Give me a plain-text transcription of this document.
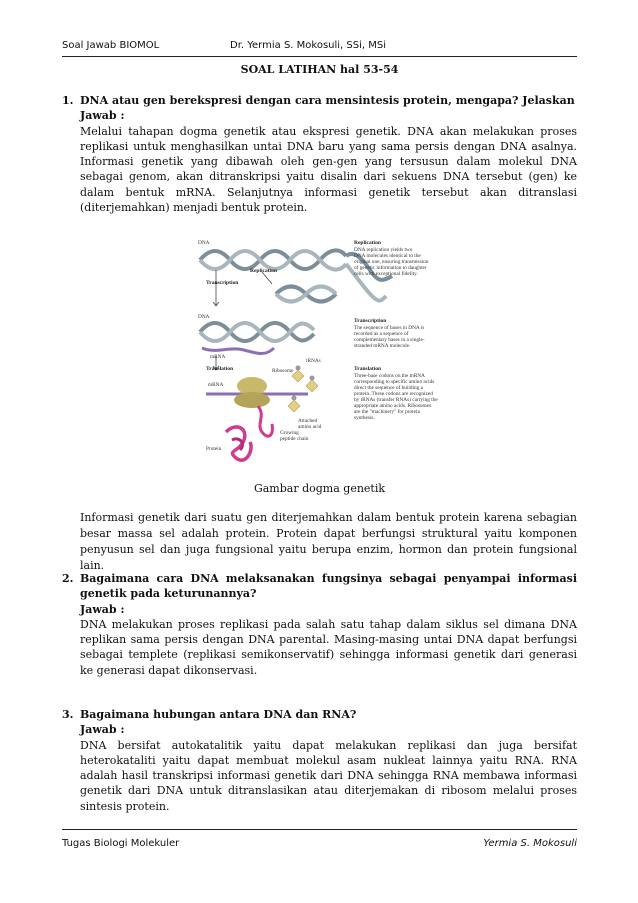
Soal Jawab BIOMOL	Dr. Yermia S. Mokosuli, SSi, MSi
SOAL LATIHAN hal 53-54
1. DNA atau gen berekspresi dengan cara mensintesis protein, mengapa? Jelaskan
Jawab :
Melalui tahapan dogma genetik atau ekspresi genetik. DNA akan melakukan proses replikasi untuk menghasilkan untai DNA baru yang sama persis dengan DNA asalnya. Informasi genetik yang dibawah oleh gen-gen yang tersusun dalam molekul DNA sebagai genom, akan ditranskripsi yaitu disalin dari sekuens DNA tersebut (gen) ke dalam bentuk mRNA. Selanjutnya informasi genetik tersebut akan ditranslasi (diterjemahkan) menjadi bentuk protein.
DNA
Replication
Transcription
DNA
mRNA
Translation
mRNA
Ribosome
tRNAs
Attached
amino acid
Growing
peptide chain
Protein
Replication
DNA replication yields two
DNA molecules identical to the
original one, ensuring transmission
of genetic information to daughter
cells with exceptional fidelity.
Transcription
The sequence of bases in DNA is
recorded as a sequence of
complementary bases in a single-
stranded mRNA molecule.
Translation
Three-base codons on the mRNA
corresponding to specific amino acids
direct the sequence of building a
protein. These codons are recognized
by tRNAs (transfer RNAs) carrying the
appropriate amino acids. Ribosomes
are the "machinery" for protein
synthesis.
Gambar dogma genetik
Informasi genetik dari suatu gen diterjemahkan dalam bentuk protein karena sebagian besar massa sel adalah protein. Protein dapat berfungsi struktural yaitu komponen penyusun sel dan juga fungsional yaitu berupa enzim, hormon dan protein fungsional lain.
2. Bagaimana cara DNA melaksanakan fungsinya sebagai penyampai informasi genetik pada keturunannya?
Jawab :
DNA melakukan proses replikasi pada salah satu tahap dalam siklus sel dimana DNA replikan sama persis dengan DNA parental. Masing-masing untai DNA dapat berfungsi sebagai templete (replikasi semikonservatif) sehingga informasi genetik dari generasi ke generasi dapat dikonservasi.
3. Bagaimana hubungan antara DNA dan RNA?
Jawab :
DNA bersifat autokatalitik yaitu dapat melakukan replikasi dan juga bersifat heterokataliti yaitu dapat membuat molekul asam nukleat lainnya yaitu RNA. RNA adalah hasil transkripsi informasi genetik dari DNA sehingga RNA membawa informasi genetik dari DNA untuk ditranslasikan atau diterjemakan di ribosom melalui proses sintesis protein.
Tugas Biologi Molekuler	Yermia S. Mokosuli
